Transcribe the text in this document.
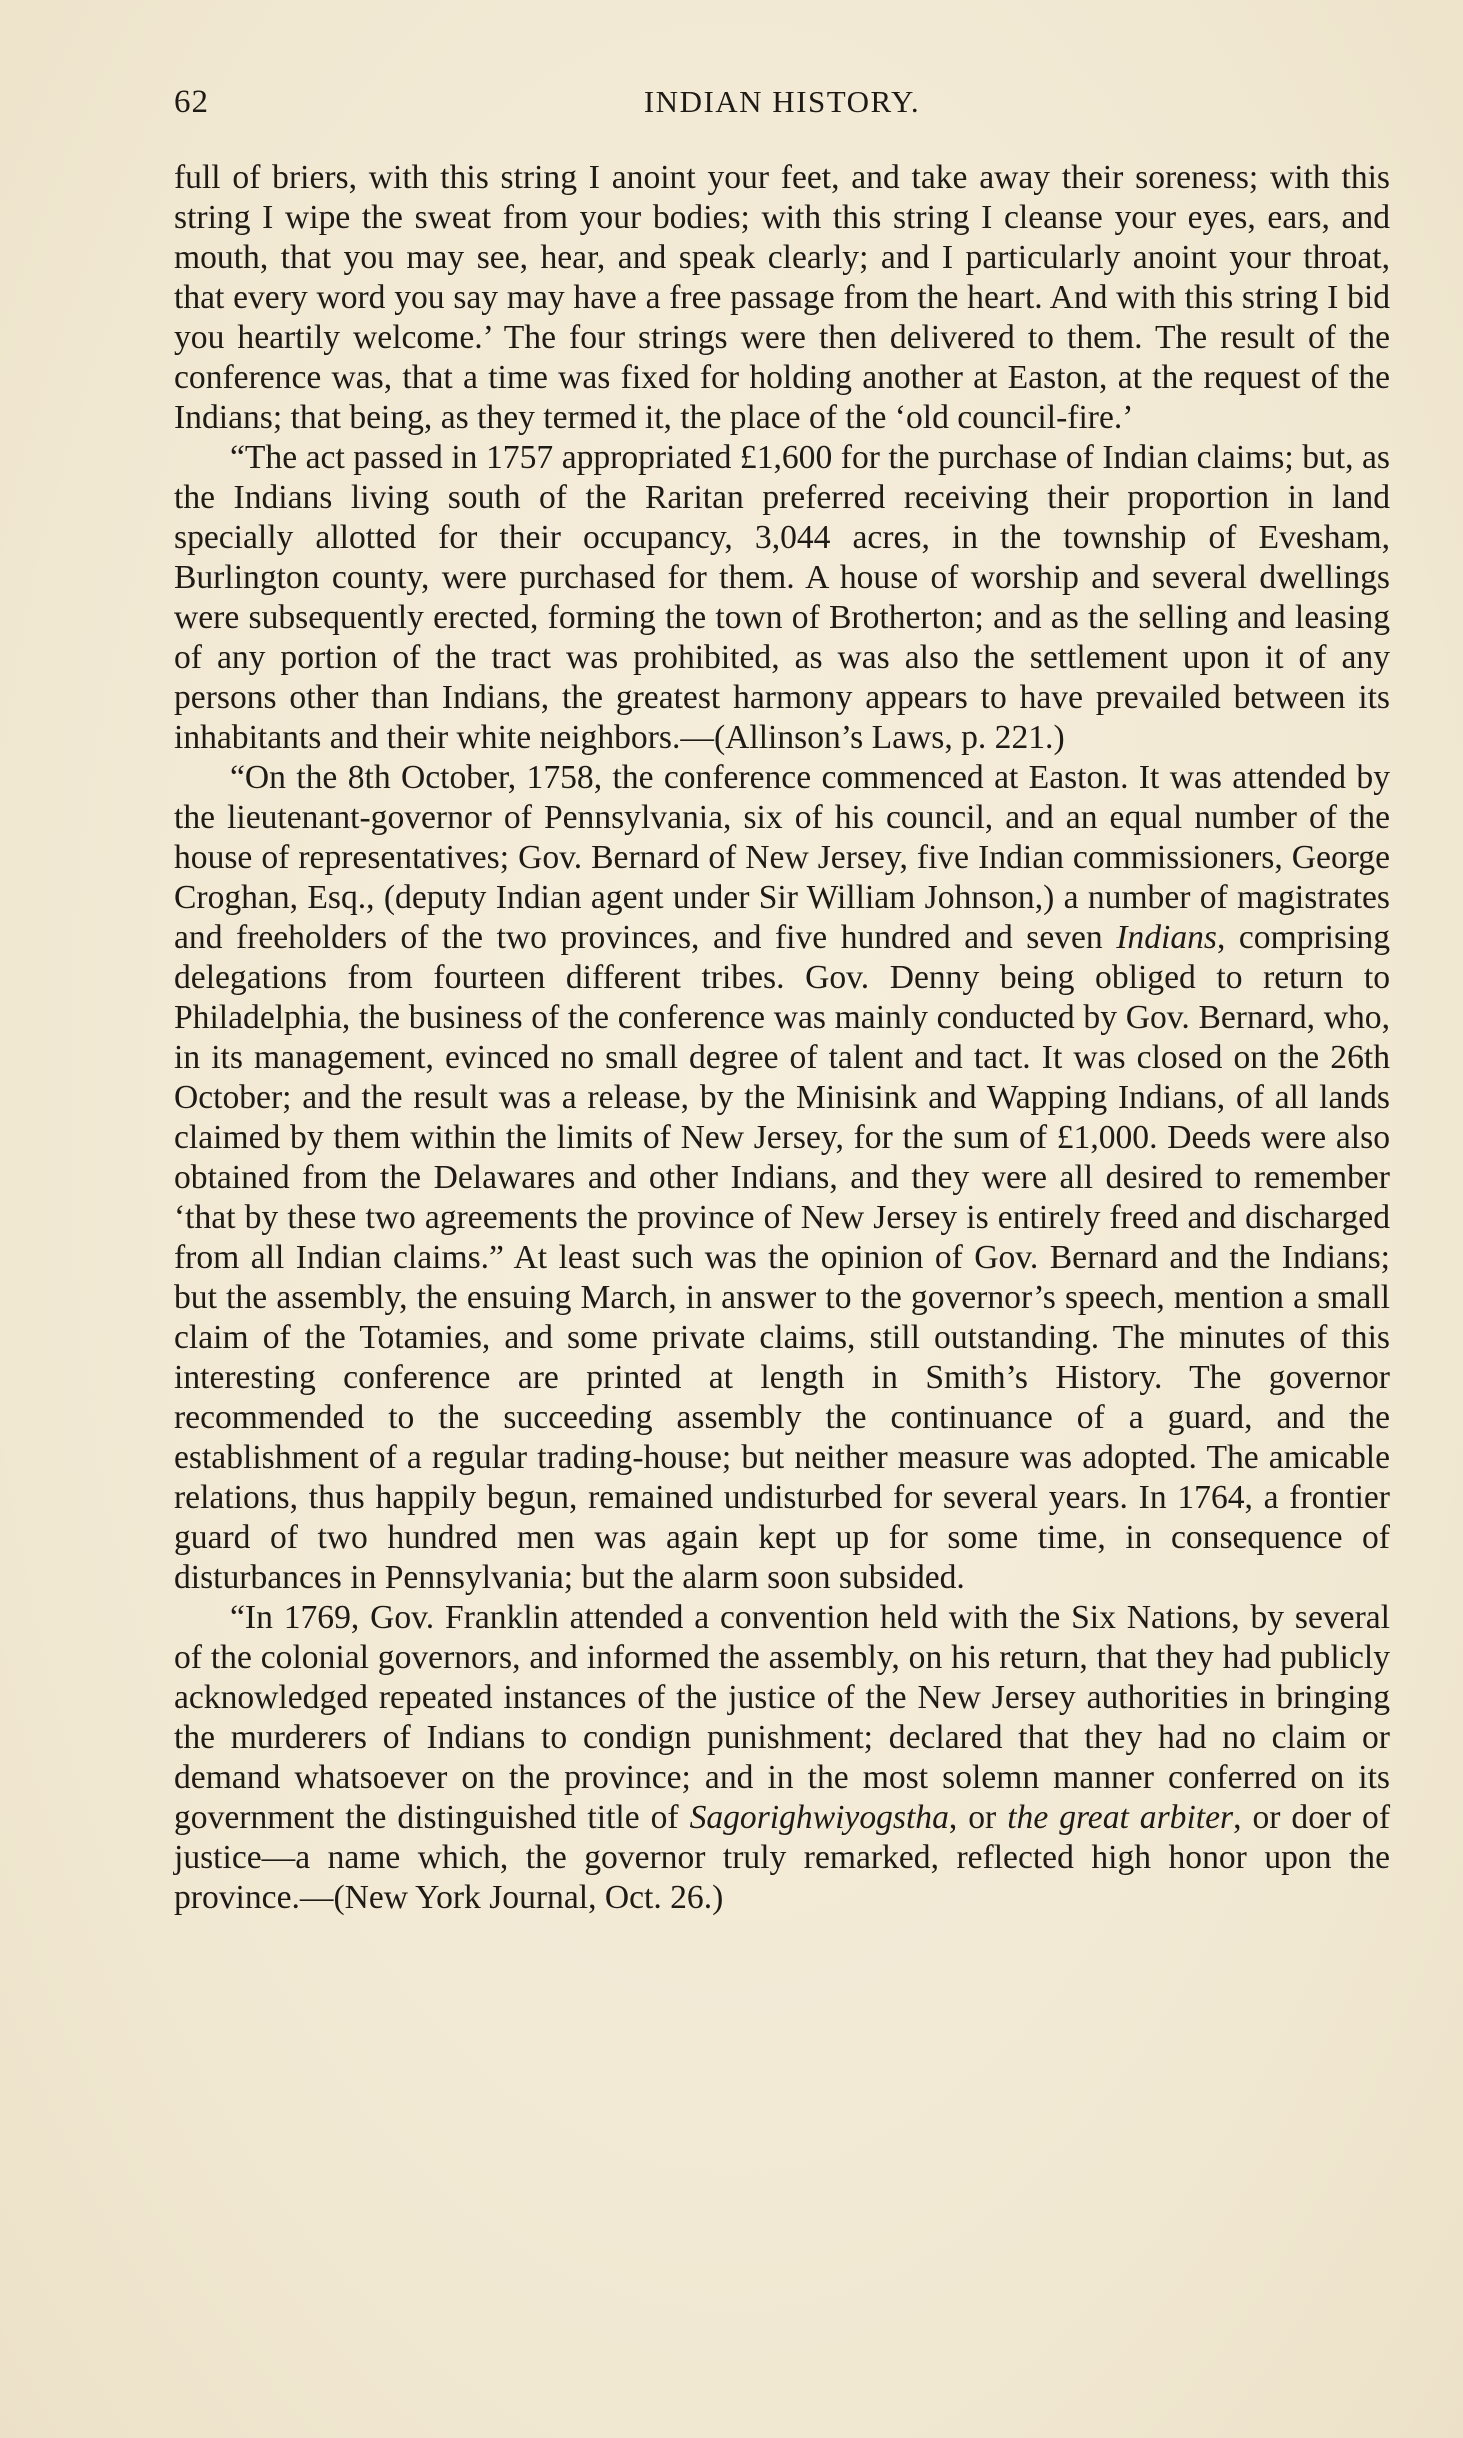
62	INDIAN HISTORY.

full of briers, with this string I anoint your feet, and take away their soreness; with this string I wipe the sweat from your bodies; with this string I cleanse your eyes, ears, and mouth, that you may see, hear, and speak clearly; and I particularly anoint your throat, that every word you say may have a free passage from the heart. And with this string I bid you heartily welcome.’ The four strings were then delivered to them. The result of the conference was, that a time was fixed for holding another at Easton, at the request of the Indians; that being, as they termed it, the place of the ‘old council-fire.’

“The act passed in 1757 appropriated £1,600 for the purchase of Indian claims; but, as the Indians living south of the Raritan preferred receiving their proportion in land specially allotted for their occupancy, 3,044 acres, in the township of Evesham, Burlington county, were purchased for them. A house of worship and several dwellings were subsequently erected, forming the town of Brotherton; and as the selling and leasing of any portion of the tract was prohibited, as was also the settlement upon it of any persons other than Indians, the greatest harmony appears to have prevailed between its inhabitants and their white neighbors.—(Allinson’s Laws, p. 221.)

“On the 8th October, 1758, the conference commenced at Easton. It was attended by the lieutenant-governor of Pennsylvania, six of his council, and an equal number of the house of representatives; Gov. Bernard of New Jersey, five Indian commissioners, George Croghan, Esq., (deputy Indian agent under Sir William Johnson,) a number of magistrates and freeholders of the two provinces, and five hundred and seven Indians, comprising delegations from fourteen different tribes. Gov. Denny being obliged to return to Philadelphia, the business of the conference was mainly conducted by Gov. Bernard, who, in its management, evinced no small degree of talent and tact. It was closed on the 26th October; and the result was a release, by the Minisink and Wapping Indians, of all lands claimed by them within the limits of New Jersey, for the sum of £1,000. Deeds were also obtained from the Delawares and other Indians, and they were all desired to remember ‘that by these two agreements the province of New Jersey is entirely freed and discharged from all Indian claims.” At least such was the opinion of Gov. Bernard and the Indians; but the assembly, the ensuing March, in answer to the governor’s speech, mention a small claim of the Totamies, and some private claims, still outstanding. The minutes of this interesting conference are printed at length in Smith’s History. The governor recommended to the succeeding assembly the continuance of a guard, and the establishment of a regular trading-house; but neither measure was adopted. The amicable relations, thus happily begun, remained undisturbed for several years. In 1764, a frontier guard of two hundred men was again kept up for some time, in consequence of disturbances in Pennsylvania; but the alarm soon subsided.

“In 1769, Gov. Franklin attended a convention held with the Six Nations, by several of the colonial governors, and informed the assembly, on his return, that they had publicly acknowledged repeated instances of the justice of the New Jersey authorities in bringing the murderers of Indians to condign punishment; declared that they had no claim or demand whatsoever on the province; and in the most solemn manner conferred on its government the distinguished title of Sagorighwiyogstha, or the great arbiter, or doer of justice—a name which, the governor truly remarked, reflected high honor upon the province.—(New York Journal, Oct. 26.)
